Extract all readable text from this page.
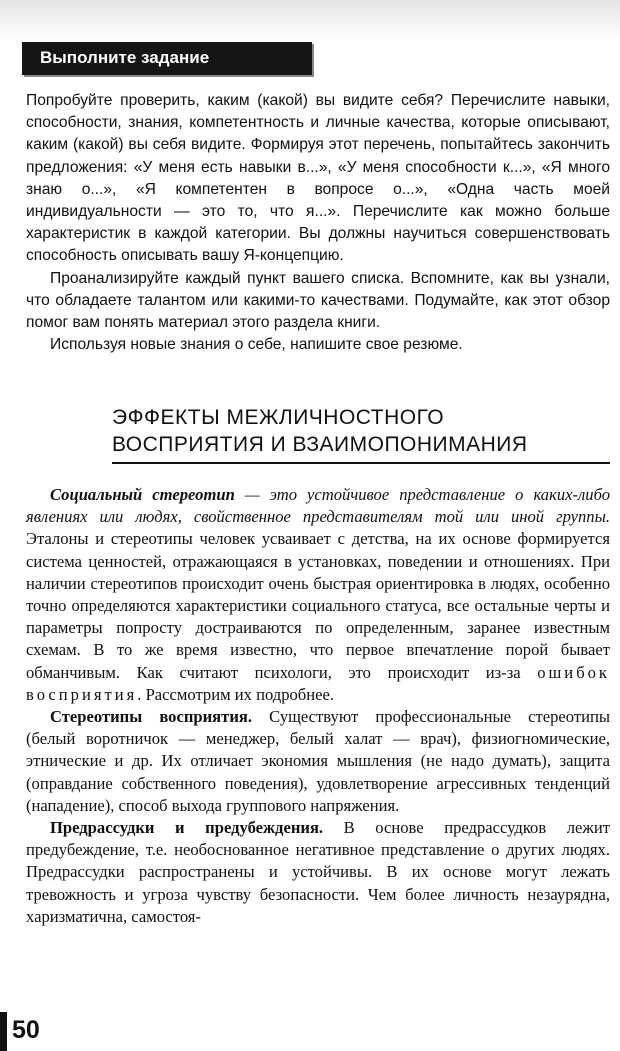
Выполните задание

Попробуйте проверить, каким (какой) вы видите себя? Перечислите навыки, способности, знания, компетентность и личные качества, которые описывают, каким (какой) вы себя видите. Формируя этот перечень, попытайтесь закончить предложения: «У меня есть навыки в...», «У меня способности к...», «Я много знаю о...», «Я компетентен в вопросе о...», «Одна часть моей индивидуальности — это то, что я...». Перечислите как можно больше характеристик в каждой категории. Вы должны научиться совершенствовать способность описывать вашу Я-концепцию.

Проанализируйте каждый пункт вашего списка. Вспомните, как вы узнали, что обладаете талантом или какими-то качествами. Подумайте, как этот обзор помог вам понять материал этого раздела книги.

Используя новые знания о себе, напишите свое резюме.

ЭФФЕКТЫ МЕЖЛИЧНОСТНОГО
ВОСПРИЯТИЯ И ВЗАИМОПОНИМАНИЯ

Социальный стереотип — это устойчивое представление о каких-либо явлениях или людях, свойственное представителям той или иной группы. Эталоны и стереотипы человек усваивает с детства, на их основе формируется система ценностей, отражающаяся в установках, поведении и отношениях. При наличии стереотипов происходит очень быстрая ориентировка в людях, особенно точно определяются характеристики социального статуса, все остальные черты и параметры попросту достраиваются по определенным, заранее известным схемам. В то же время известно, что первое впечатление порой бывает обманчивым. Как считают психологи, это происходит из-за ошибок восприятия. Рассмотрим их подробнее.

Стереотипы восприятия. Существуют профессиональные стереотипы (белый воротничок — менеджер, белый халат — врач), физиогномические, этнические и др. Их отличает экономия мышления (не надо думать), защита (оправдание собственного поведения), удовлетворение агрессивных тенденций (нападение), способ выхода группового напряжения.

Предрассудки и предубеждения. В основе предрассудков лежит предубеждение, т.е. необоснованное негативное представление о других людях. Предрассудки распространены и устойчивы. В их основе могут лежать тревожность и угроза чувству безопасности. Чем более личность незаурядна, харизматична, самостоя-

50
